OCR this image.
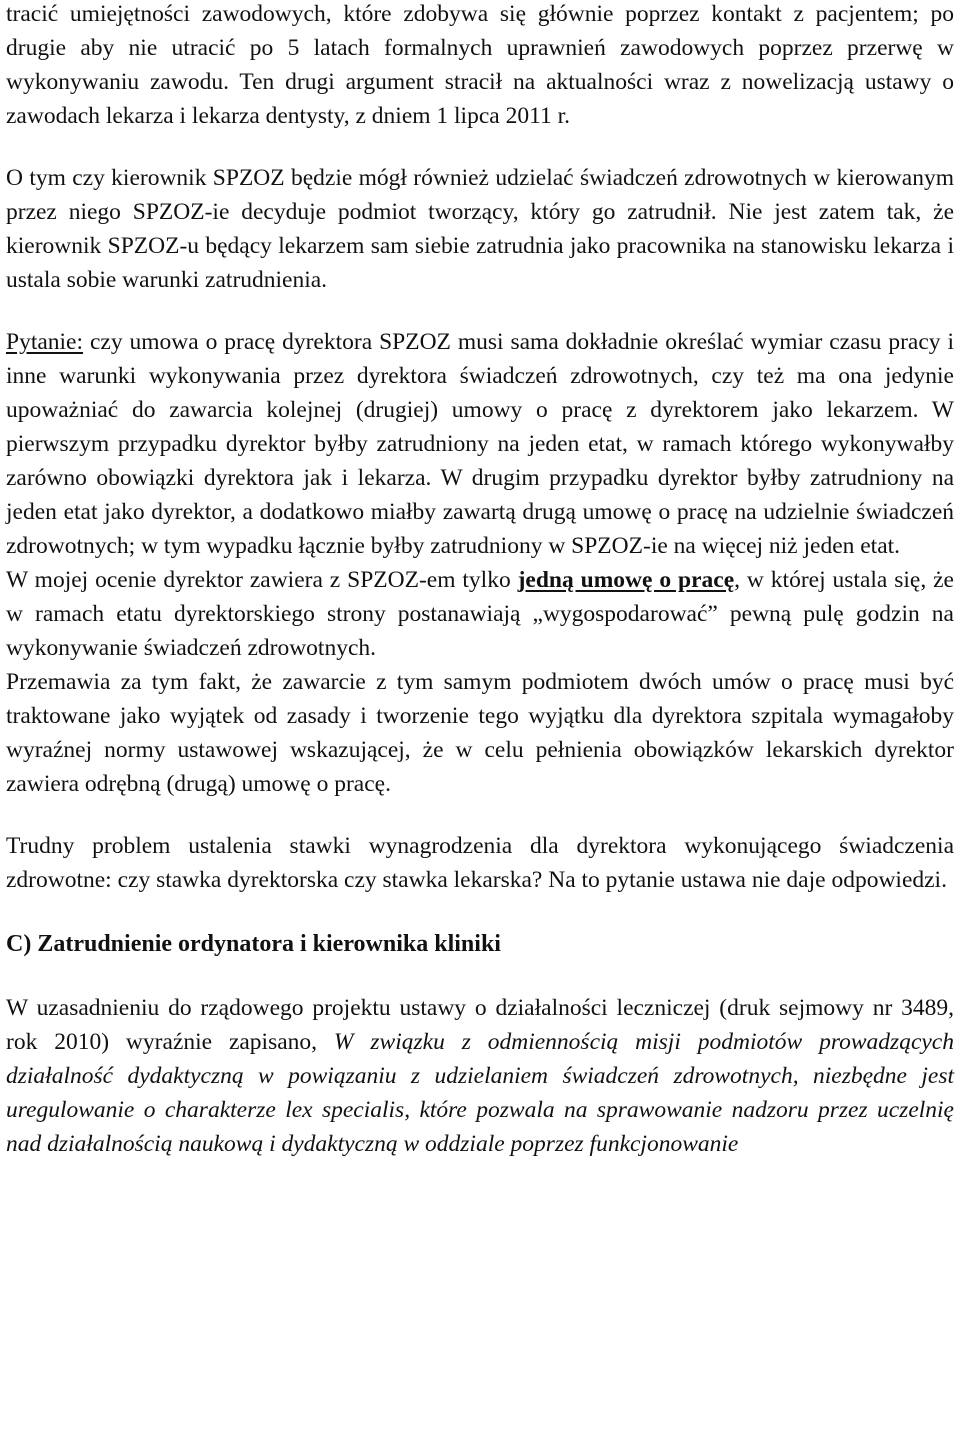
tracić umiejętności zawodowych, które zdobywa się głównie poprzez kontakt z pacjentem; po drugie aby nie utracić po 5 latach formalnych uprawnień zawodowych poprzez przerwę w wykonywaniu zawodu. Ten drugi argument stracił na aktualności wraz z nowelizacją ustawy o zawodach lekarza i lekarza dentysty, z dniem 1 lipca 2011 r.

O tym czy kierownik SPZOZ będzie mógł również udzielać świadczeń zdrowotnych w kierowanym przez niego SPZOZ-ie decyduje podmiot tworzący, który go zatrudnił. Nie jest zatem tak, że kierownik SPZOZ-u będący lekarzem sam siebie zatrudnia jako pracownika na stanowisku lekarza i ustala sobie warunki zatrudnienia.

Pytanie: czy umowa o pracę dyrektora SPZOZ musi sama dokładnie określać wymiar czasu pracy i inne warunki wykonywania przez dyrektora świadczeń zdrowotnych, czy też ma ona jedynie upoważniać do zawarcia kolejnej (drugiej) umowy o pracę z dyrektorem jako lekarzem. W pierwszym przypadku dyrektor byłby zatrudniony na jeden etat, w ramach którego wykonywałby zarówno obowiązki dyrektora jak i lekarza. W drugim przypadku dyrektor byłby zatrudniony na jeden etat jako dyrektor, a dodatkowo miałby zawartą drugą umowę o pracę na udzielnie świadczeń zdrowotnych; w tym wypadku łącznie byłby zatrudniony w SPZOZ-ie na więcej niż jeden etat.

W mojej ocenie dyrektor zawiera z SPZOZ-em tylko jedną umowę o pracę, w której ustala się, że w ramach etatu dyrektorskiego strony postanawiają „wygospodarować” pewną pulę godzin na wykonywanie świadczeń zdrowotnych.

Przemawia za tym fakt, że zawarcie z tym samym podmiotem dwóch umów o pracę musi być traktowane jako wyjątek od zasady i tworzenie tego wyjątku dla dyrektora szpitala wymagałoby wyraźnej normy ustawowej wskazującej, że w celu pełnienia obowiązków lekarskich dyrektor zawiera odrębną (drugą) umowę o pracę.

Trudny problem ustalenia stawki wynagrodzenia dla dyrektora wykonującego świadczenia zdrowotne: czy stawka dyrektorska czy stawka lekarska? Na to pytanie ustawa nie daje odpowiedzi.

C) Zatrudnienie ordynatora i kierownika kliniki

W uzasadnieniu do rządowego projektu ustawy o działalności leczniczej (druk sejmowy nr 3489, rok 2010) wyraźnie zapisano, W związku z odmiennością misji podmiotów prowadzących działalność dydaktyczną w powiązaniu z udzielaniem świadczeń zdrowotnych, niezbędne jest uregulowanie o charakterze lex specialis, które pozwala na sprawowanie nadzoru przez uczelnię nad działalnością naukową i dydaktyczną w oddziale poprzez funkcjonowanie
